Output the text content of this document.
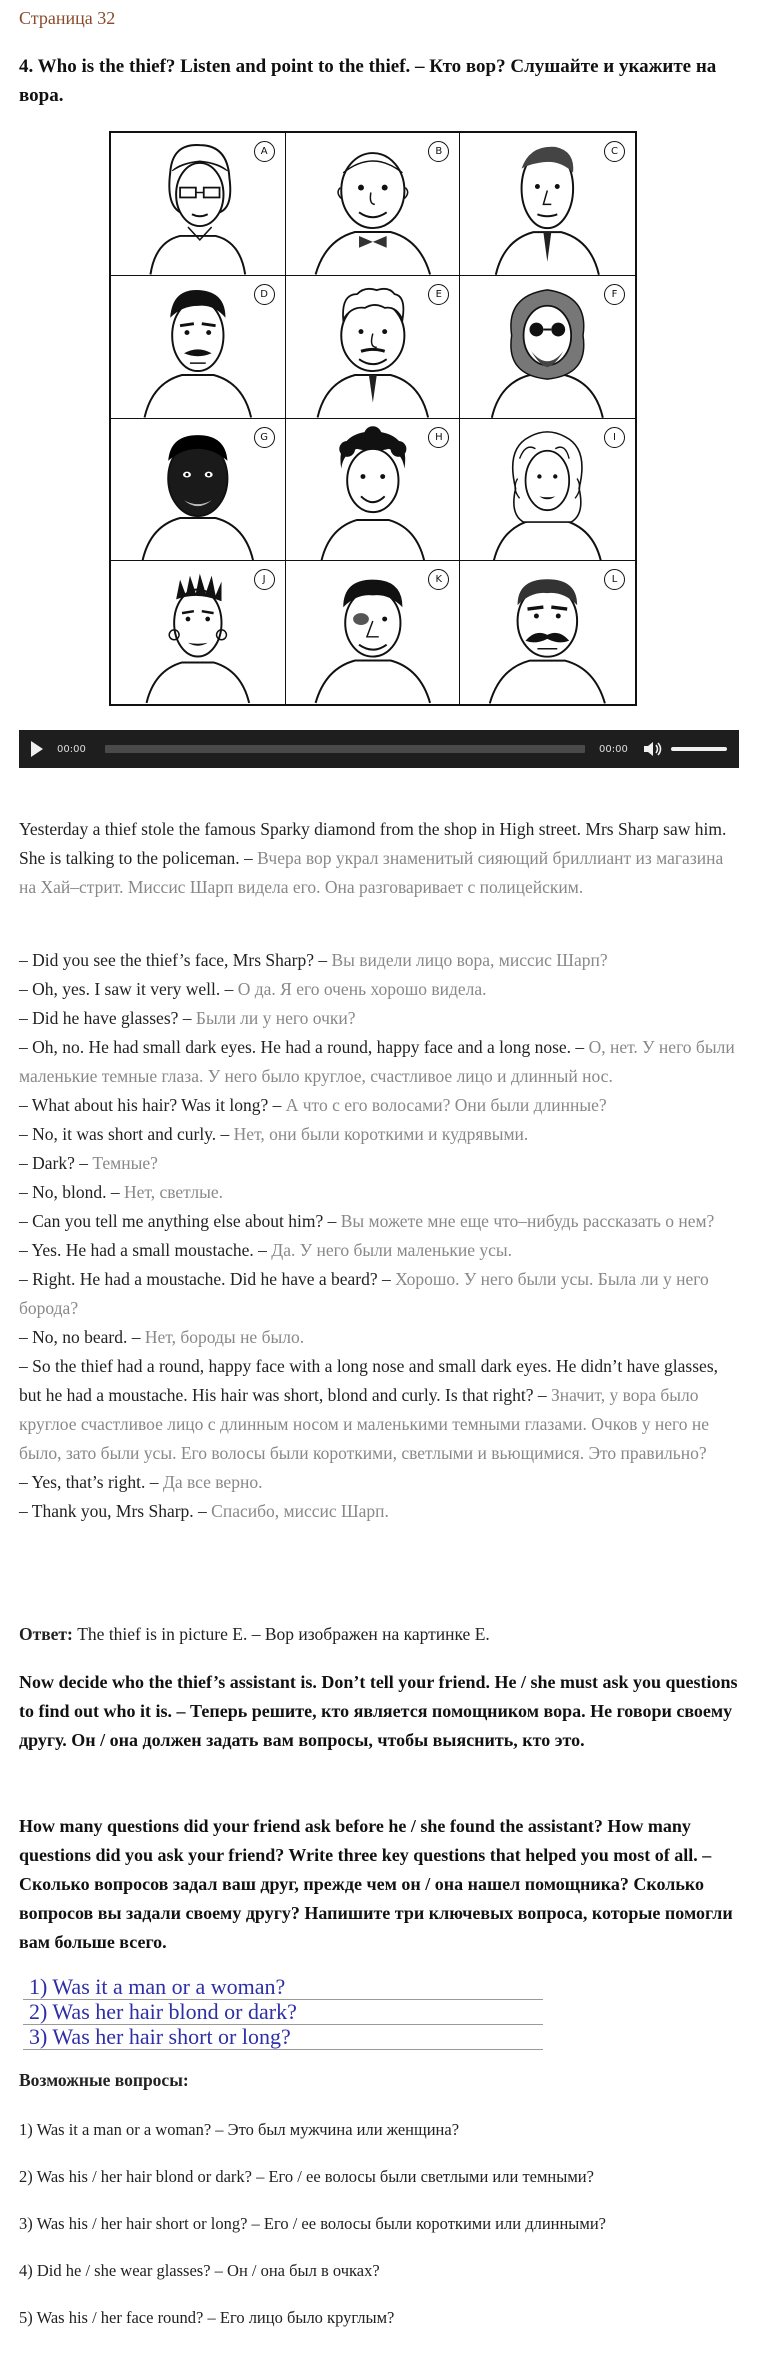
Страница 32
4. Who is the thief? Listen and point to the thief. – Кто вор? Слушайте и укажите на вора.
A	B	C
D	E	F
G	H	I
J	K	L
00:00	00:00
Yesterday a thief stole the famous Sparky diamond from the shop in High street. Mrs Sharp saw him. She is talking to the policeman. – Вчера вор украл знаменитый сияющий бриллиант из магазина на Хай–стрит. Миссис Шарп видела его. Она разговаривает с полицейским.

– Did you see the thief’s face, Mrs Sharp? – Вы видели лицо вора, миссис Шарп?

– Oh, yes. I saw it very well. – О да. Я его очень хорошо видела.

– Did he have glasses? – Были ли у него очки?

– Oh, no. He had small dark eyes. He had a round, happy face and a long nose. – О, нет. У него были маленькие темные глаза. У него было круглое, счастливое лицо и длинный нос.

– What about his hair? Was it long? – А что с его волосами? Они были длинные?

– No, it was short and curly. – Нет, они были короткими и кудрявыми.

– Dark? – Темные?

– No, blond. – Нет, светлые.

– Can you tell me anything else about him? – Вы можете мне еще что–нибудь рассказать о нем?

– Yes. He had a small moustache. – Да. У него были маленькие усы.

– Right. He had a moustache. Did he have a beard? – Хорошо. У него были усы. Была ли у него борода?

– No, no beard. – Нет, бороды не было.

– So the thief had a round, happy face with a long nose and small dark eyes. He didn’t have glasses, but he had a moustache. His hair was short, blond and curly. Is that right? – Значит, у вора было круглое счастливое лицо с длинным носом и маленькими темными глазами. Очков у него не было, зато были усы. Его волосы были короткими, светлыми и вьющимися. Это правильно?

– Yes, that’s right. – Да все верно.

– Thank you, Mrs Sharp. – Спасибо, миссис Шарп.

Ответ: The thief is in picture E. – Вор изображен на картинке E.
Now decide who the thief’s assistant is. Don’t tell your friend. He / she must ask you questions to find out who it is. – Теперь решите, кто является помощником вора. Не говори своему другу. Он / она должен задать вам вопросы, чтобы выяснить, кто это.
How many questions did your friend ask before he / she found the assistant? How many questions did you ask your friend? Write three key questions that helped you most of all. – Сколько вопросов задал ваш друг, прежде чем он / она нашел помощника? Сколько вопросов вы задали своему другу? Напишите три ключевых вопроса, которые помогли вам больше всего.
1) Was it a man or a woman?
2) Was her hair blond or dark?
3) Was her hair short or long?
Возможные вопросы:

1) Was it a man or a woman? – Это был мужчина или женщина?

2) Was his / her hair blond or dark? – Его / ее волосы были светлыми или темными?

3) Was his / her hair short or long? – Его / ее волосы были короткими или длинными?

4) Did he / she wear glasses? – Он / она был в очках?

5) Was his / her face round? – Его лицо было круглым?
